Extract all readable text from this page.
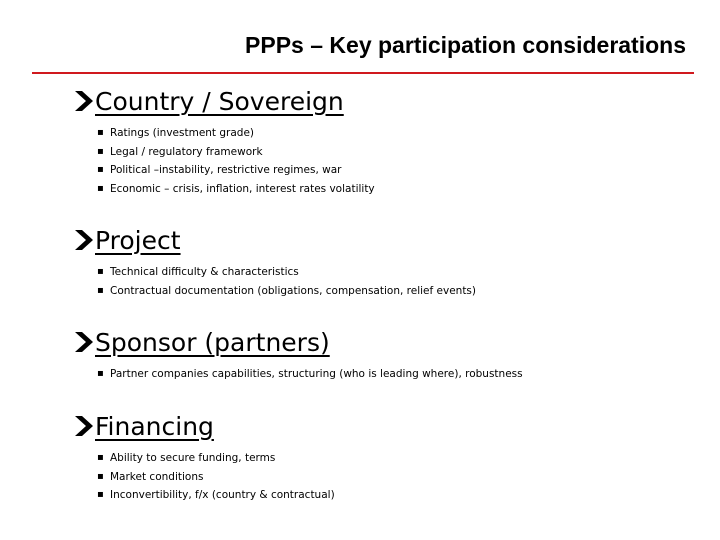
PPPs – Key participation considerations
Country / Sovereign
▪ Ratings (investment grade)
▪ Legal / regulatory framework
▪ Political –instability, restrictive regimes, war
▪ Economic – crisis, inflation, interest rates volatility
Project
▪ Technical difficulty & characteristics
▪ Contractual documentation (obligations, compensation, relief events)
Sponsor (partners)
▪ Partner companies capabilities, structuring (who is leading where), robustness
Financing
▪ Ability to secure funding, terms
▪ Market conditions
▪ Inconvertibility, f/x (country & contractual)
